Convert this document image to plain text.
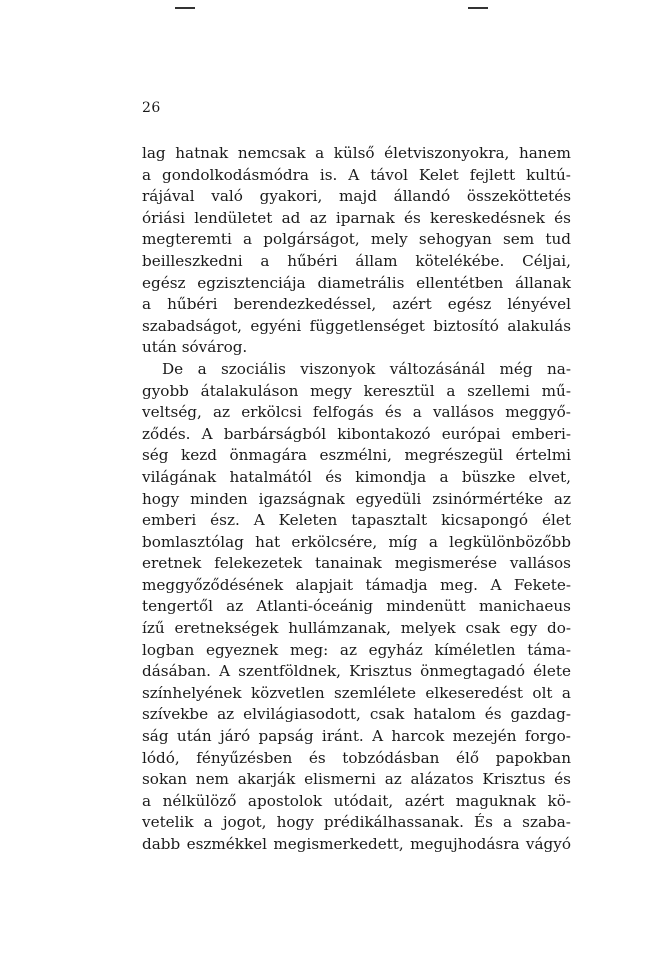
26
lag hatnak nemcsak a külső életviszonyokra, hanem
a gondolkodásmódra is. A távol Kelet fejlett kultú-
rájával való gyakori, majd állandó összeköttetés
óriási lendületet ad az iparnak és kereskedésnek és
megteremti a polgárságot, mely sehogyan sem tud
beilleszkedni a hűbéri állam kötelékébe. Céljai,
egész egzisztenciája diametrális ellentétben állanak
a hűbéri berendezkedéssel, azért egész lényével
szabadságot, egyéni függetlenséget biztosító alakulás
után sóvárog.
De a szociális viszonyok változásánál még na-
gyobb átalakuláson megy keresztül a szellemi mű-
veltség, az erkölcsi felfogás és a vallásos meggyő-
ződés. A barbárságból kibontakozó európai emberi-
ség kezd önmagára eszmélni, megrészegül értelmi
világának hatalmától és kimondja a büszke elvet,
hogy minden igazságnak egyedüli zsinórmértéke az
emberi ész. A Keleten tapasztalt kicsapongó élet
bomlasztólag hat erkölcsére, míg a legkülönbözőbb
eretnek felekezetek tanainak megismerése vallásos
meggyőződésének alapjait támadja meg. A Fekete-
tengertől az Atlanti-óceánig mindenütt manichaeus
ízű eretnekségek hullámzanak, melyek csak egy do-
logban egyeznek meg: az egyház kíméletlen táma-
dásában. A szentföldnek, Krisztus önmegtagadó élete
színhelyének közvetlen szemlélete elkeseredést olt a
szívekbe az elvilágiasodott, csak hatalom és gazdag-
ság után járó papság iránt. A harcok mezején forgo-
lódó, fényűzésben és tobzódásban élő papokban
sokan nem akarják elismerni az alázatos Krisztus és
a nélkülöző apostolok utódait, azért maguknak kö-
vetelik a jogot, hogy prédikálhassanak. És a szaba-
dabb eszmékkel megismerkedett, megujhodásra vágyó
